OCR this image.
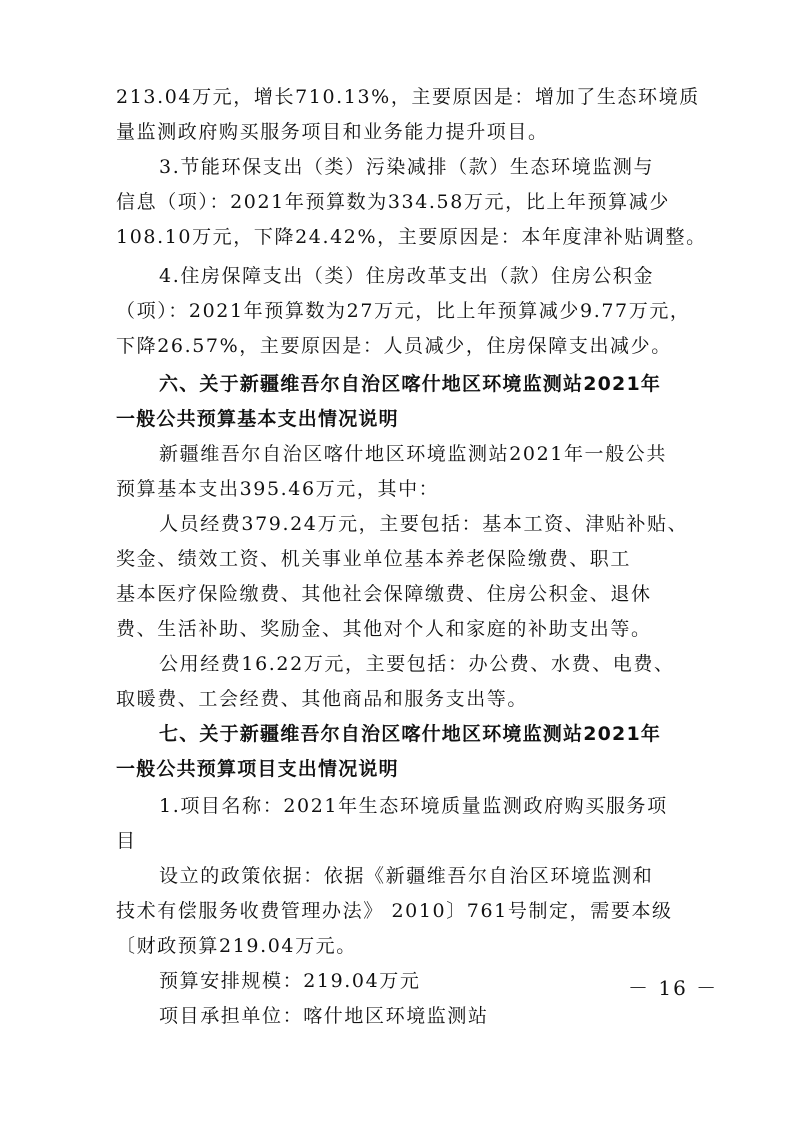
213.04万元，增长710.13%，主要原因是：增加了生态环境质
量监测政府购买服务项目和业务能力提升项目。
3.节能环保支出（类）污染减排（款）生态环境监测与
信息（项）：2021年预算数为334.58万元，比上年预算减少
108.10万元，下降24.42%，主要原因是：本年度津补贴调整。
4.住房保障支出（类）住房改革支出（款）住房公积金
（项）：2021年预算数为27万元，比上年预算减少9.77万元，
下降26.57%，主要原因是：人员减少，住房保障支出减少。
六、关于新疆维吾尔自治区喀什地区环境监测站2021年
一般公共预算基本支出情况说明
新疆维吾尔自治区喀什地区环境监测站2021年一般公共
预算基本支出395.46万元，其中：
人员经费379.24万元，主要包括：基本工资、津贴补贴、
奖金、绩效工资、机关事业单位基本养老保险缴费、职工
基本医疗保险缴费、其他社会保障缴费、住房公积金、退休
费、生活补助、奖励金、其他对个人和家庭的补助支出等。
公用经费16.22万元，主要包括：办公费、水费、电费、
取暖费、工会经费、其他商品和服务支出等。
七、关于新疆维吾尔自治区喀什地区环境监测站2021年
一般公共预算项目支出情况说明
1.项目名称：2021年生态环境质量监测政府购买服务项
目
设立的政策依据：依据《新疆维吾尔自治区环境监测和
技术有偿服务收费管理办法》 2010〕761号制定，需要本级
〔财政预算219.04万元。
预算安排规模：219.04万元
项目承担单位：喀什地区环境监测站
－ 16 －
